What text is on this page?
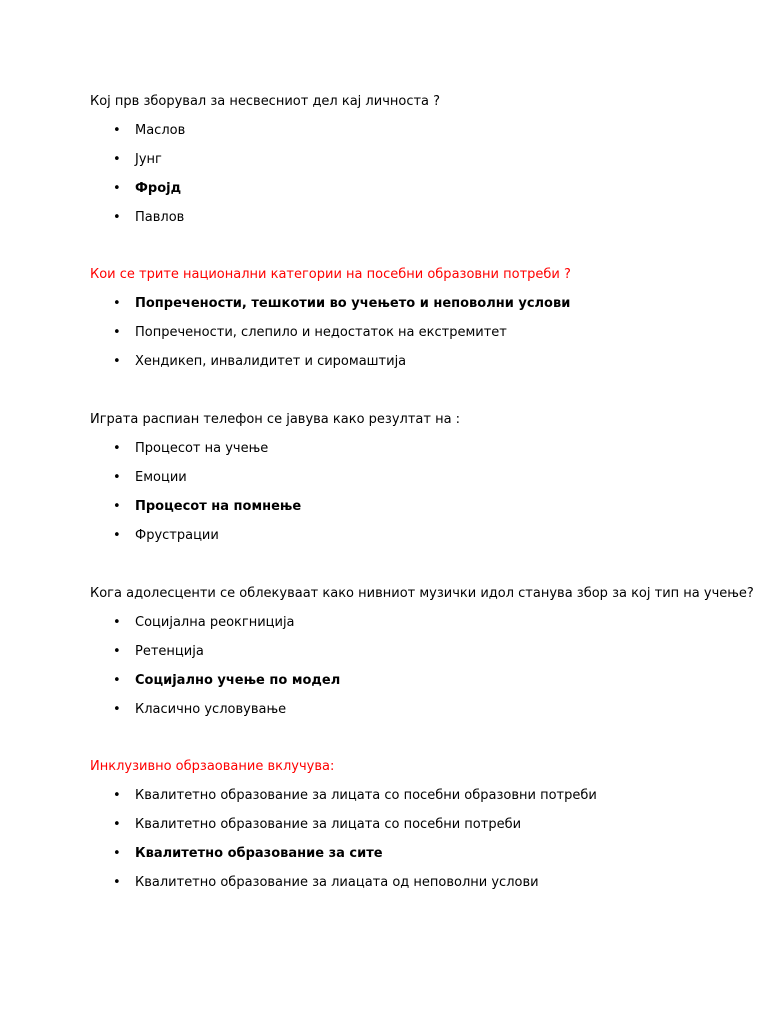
Кој прв зборувал за несвесниот дел кај личноста ?

• Маслов
• Јунг
• Фројд
• Павлов

Кои се трите национални категории на посебни образовни потреби ?

• Попречености, тешкотии во учењето и неповолни услови
• Попречености, слепило и недостаток на екстремитет
• Хендикеп, инвалидитет и сиромаштија

Играта распиан телефон се јавува како резултат на :

• Процесот на учење
• Емоции
• Процесот на помнење
• Фрустрации

Кога адолесценти се облекуваат како нивниот музички идол станува збор за кој тип на учење?

• Социјална реокгниција
• Ретенција
• Социјално учење по модел
• Класично условување

Инклузивно обрзаование вклучува:

• Квалитетно образование за лицата со посебни образовни потреби
• Квалитетно образование за лицата со посебни потреби
• Квалитетно образование за сите
• Квалитетно образование за лиацата од неповолни услови
